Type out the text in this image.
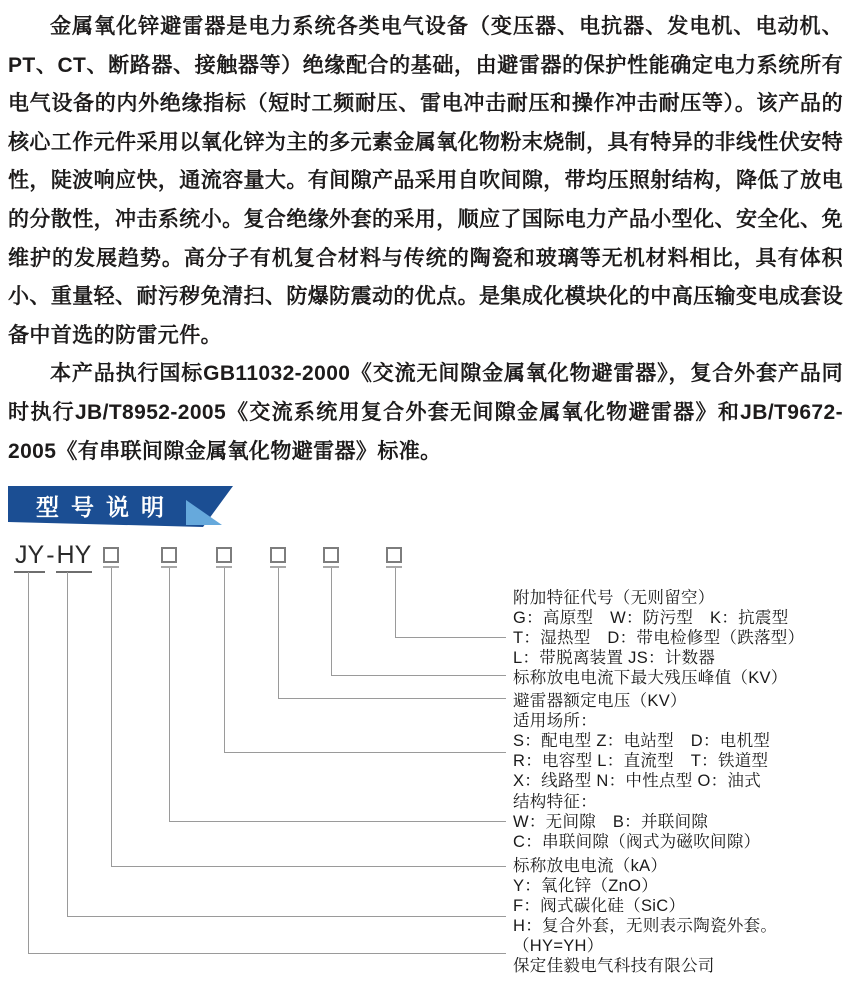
金属氧化锌避雷器是电力系统各类电气设备（变压器、电抗器、发电机、电动机、PT、CT、断路器、接触器等）绝缘配合的基础，由避雷器的保护性能确定电力系统所有电气设备的内外绝缘指标（短时工频耐压、雷电冲击耐压和操作冲击耐压等）。该产品的核心工作元件采用以氧化锌为主的多元素金属氧化物粉末烧制，具有特异的非线性伏安特性，陡波响应快，通流容量大。有间隙产品采用自吹间隙，带均压照射结构，降低了放电的分散性，冲击系统小。复合绝缘外套的采用，顺应了国际电力产品小型化、安全化、免维护的发展趋势。高分子有机复合材料与传统的陶瓷和玻璃等无机材料相比，具有体积小、重量轻、耐污秽免清扫、防爆防震动的优点。是集成化模块化的中高压输变电成套设备中首选的防雷元件。

本产品执行国标GB11032-2000《交流无间隙金属氧化物避雷器》，复合外套产品同时执行JB/T8952-2005《交流系统用复合外套无间隙金属氧化物避雷器》和JB/T9672-2005《有串联间隙金属氧化物避雷器》标准。

型号说明
JY-HY
附加特征代号（无则留空）
G：高原型　W：防污型　K：抗震型
T：湿热型　D：带电检修型（跌落型）
L：带脱离装置 JS：计数器
标称放电电流下最大残压峰值（KV）
避雷器额定电压（KV）
适用场所：
S：配电型 Z：电站型　D：电机型
R：电容型 L：直流型　T：铁道型
X：线路型 N：中性点型 O：油式
结构特征：
W：无间隙　B：并联间隙
C：串联间隙（阀式为磁吹间隙）
标称放电电流（kA）
Y：氧化锌（ZnO）
F：阀式碳化硅（SiC）
H：复合外套，无则表示陶瓷外套。
（HY=YH）
保定佳毅电气科技有限公司
